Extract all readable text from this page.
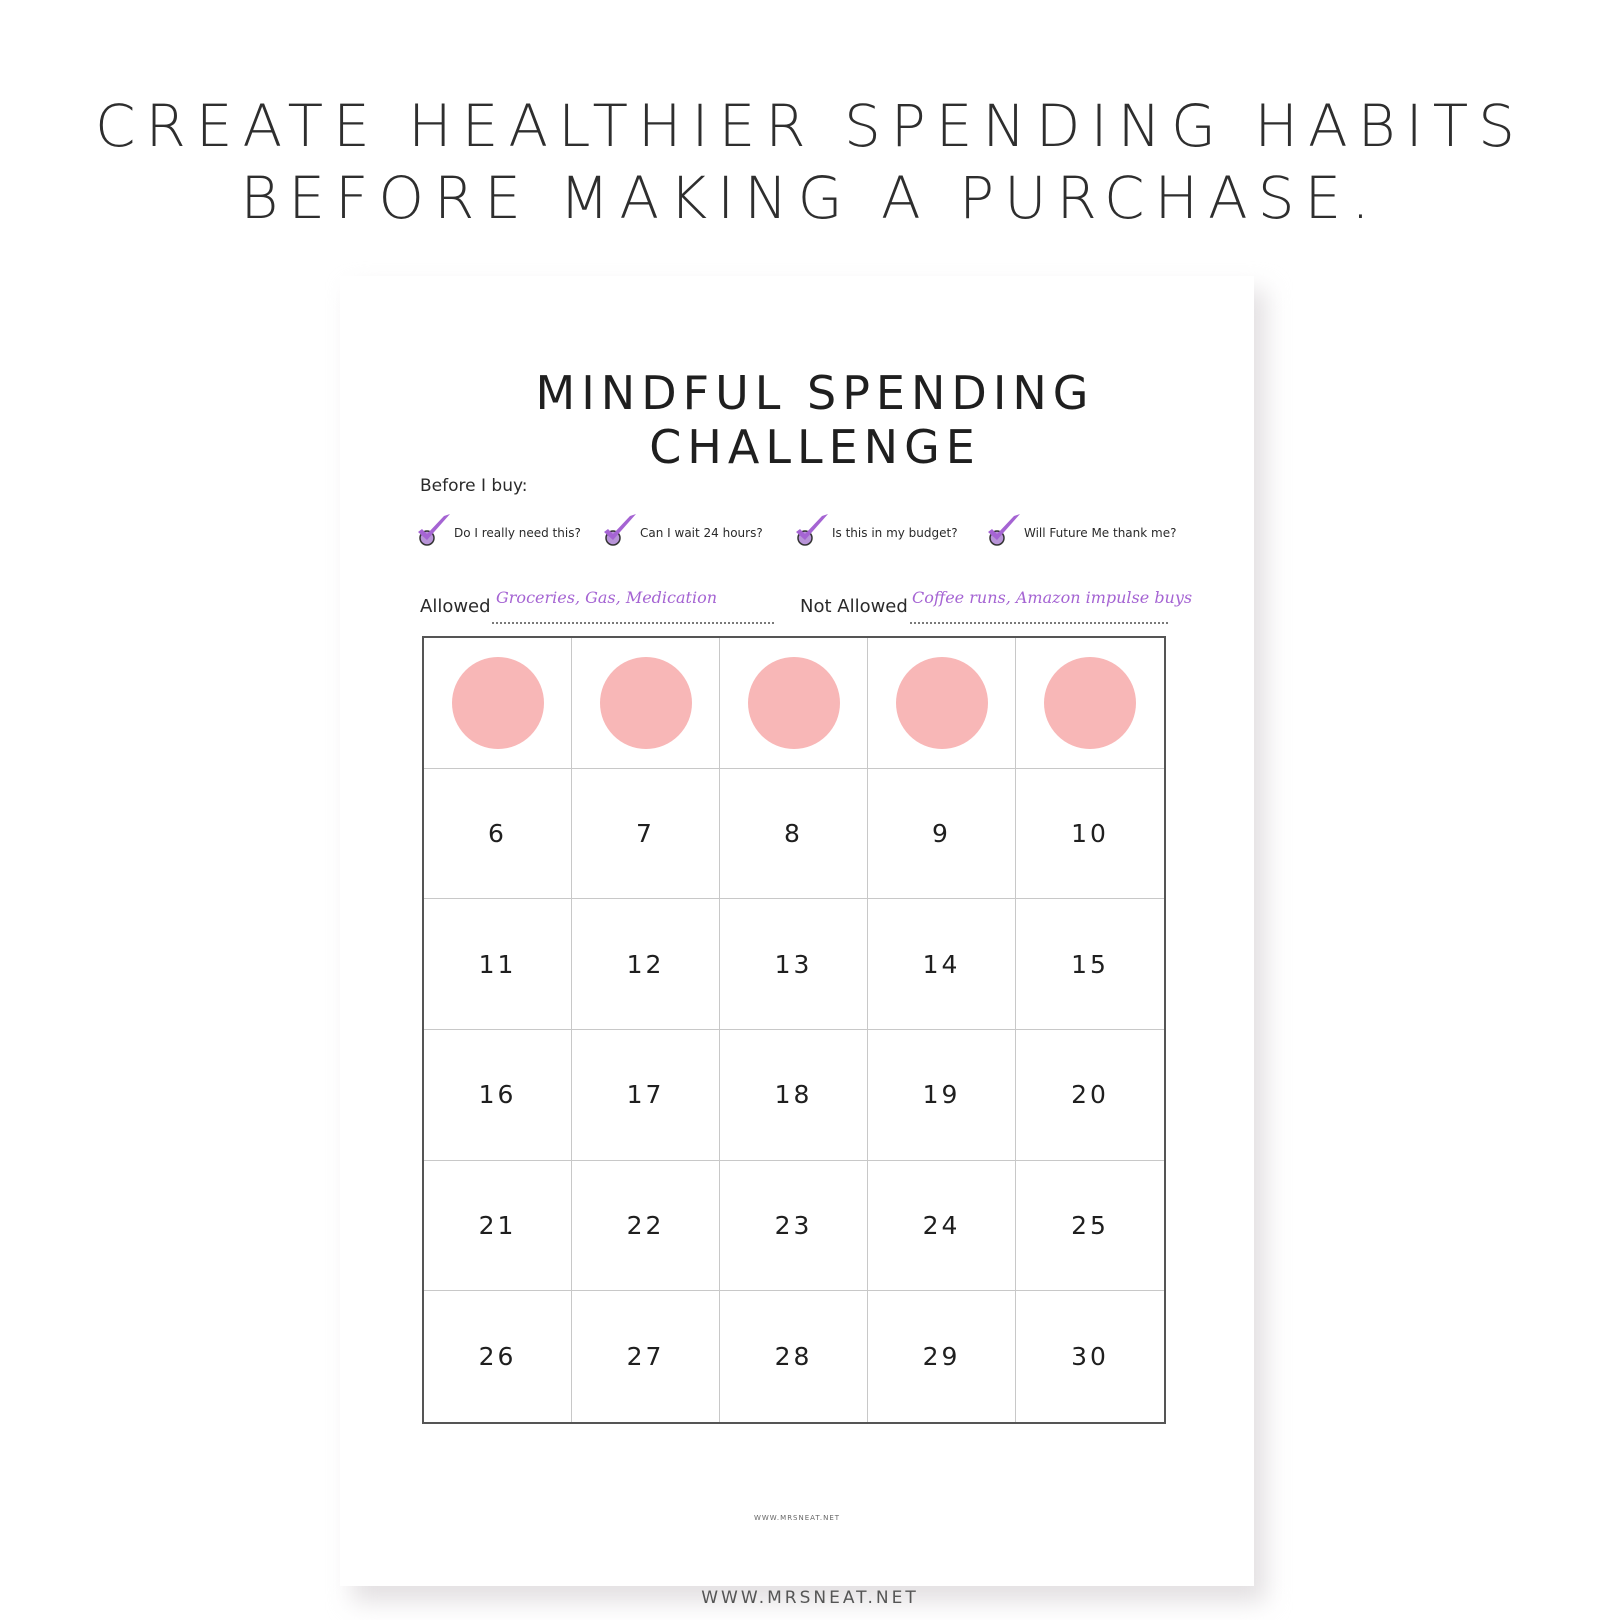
CREATE HEALTHIER SPENDING HABITS
BEFORE MAKING A PURCHASE.
MINDFUL SPENDING CHALLENGE
Before I buy:
Do I really need this?	Can I wait 24 hours?	Is this in my budget?	Will Future Me thank me?
Allowed Groceries, Gas, Medication	Not Allowed Coffee runs, Amazon impulse buys
6	7	8	9	10
11	12	13	14	15
16	17	18	19	20
21	22	23	24	25
26	27	28	29	30
WWW.MRSNEAT.NET
WWW.MRSNEAT.NET
